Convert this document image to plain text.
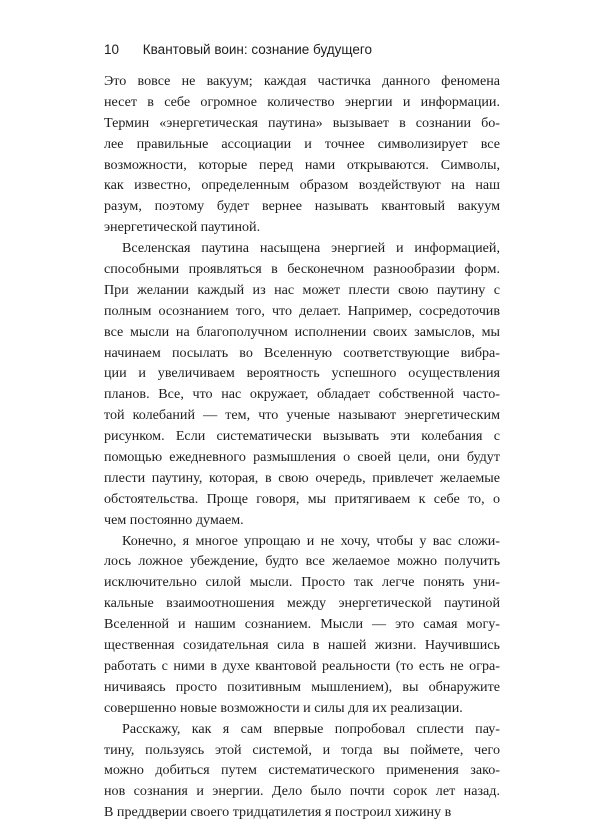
10 Квантовый воин: сознание будущего
Это вовсе не вакуум; каждая частичка данного феномена
несет в себе огромное количество энергии и информации.
Термин «энергетическая паутина» вызывает в сознании бо-
лее правильные ассоциации и точнее символизирует все
возможности, которые перед нами открываются. Символы,
как известно, определенным образом воздействуют на наш
разум, поэтому будет вернее называть квантовый вакуум
энергетической паутиной.
Вселенская паутина насыщена энергией и информацией,
способными проявляться в бесконечном разнообразии форм.
При желании каждый из нас может плести свою паутину с
полным осознанием того, что делает. Например, сосредоточив
все мысли на благополучном исполнении своих замыслов, мы
начинаем посылать во Вселенную соответствующие вибра-
ции и увеличиваем вероятность успешного осуществления
планов. Все, что нас окружает, обладает собственной часто-
той колебаний — тем, что ученые называют энергетическим
рисунком. Если систематически вызывать эти колебания с
помощью ежедневного размышления о своей цели, они будут
плести паутину, которая, в свою очередь, привлечет желаемые
обстоятельства. Проще говоря, мы притягиваем к себе то, о
чем постоянно думаем.
Конечно, я многое упрощаю и не хочу, чтобы у вас сложи-
лось ложное убеждение, будто все желаемое можно получить
исключительно силой мысли. Просто так легче понять уни-
кальные взаимоотношения между энергетической паутиной
Вселенной и нашим сознанием. Мысли — это самая могу-
щественная созидательная сила в нашей жизни. Научившись
работать с ними в духе квантовой реальности (то есть не огра-
ничиваясь просто позитивным мышлением), вы обнаружите
совершенно новые возможности и силы для их реализации.
Расскажу, как я сам впервые попробовал сплести пау-
тину, пользуясь этой системой, и тогда вы поймете, чего
можно добиться путем систематического применения зако-
нов сознания и энергии. Дело было почти сорок лет назад.
В преддверии своего тридцатилетия я построил хижину в
